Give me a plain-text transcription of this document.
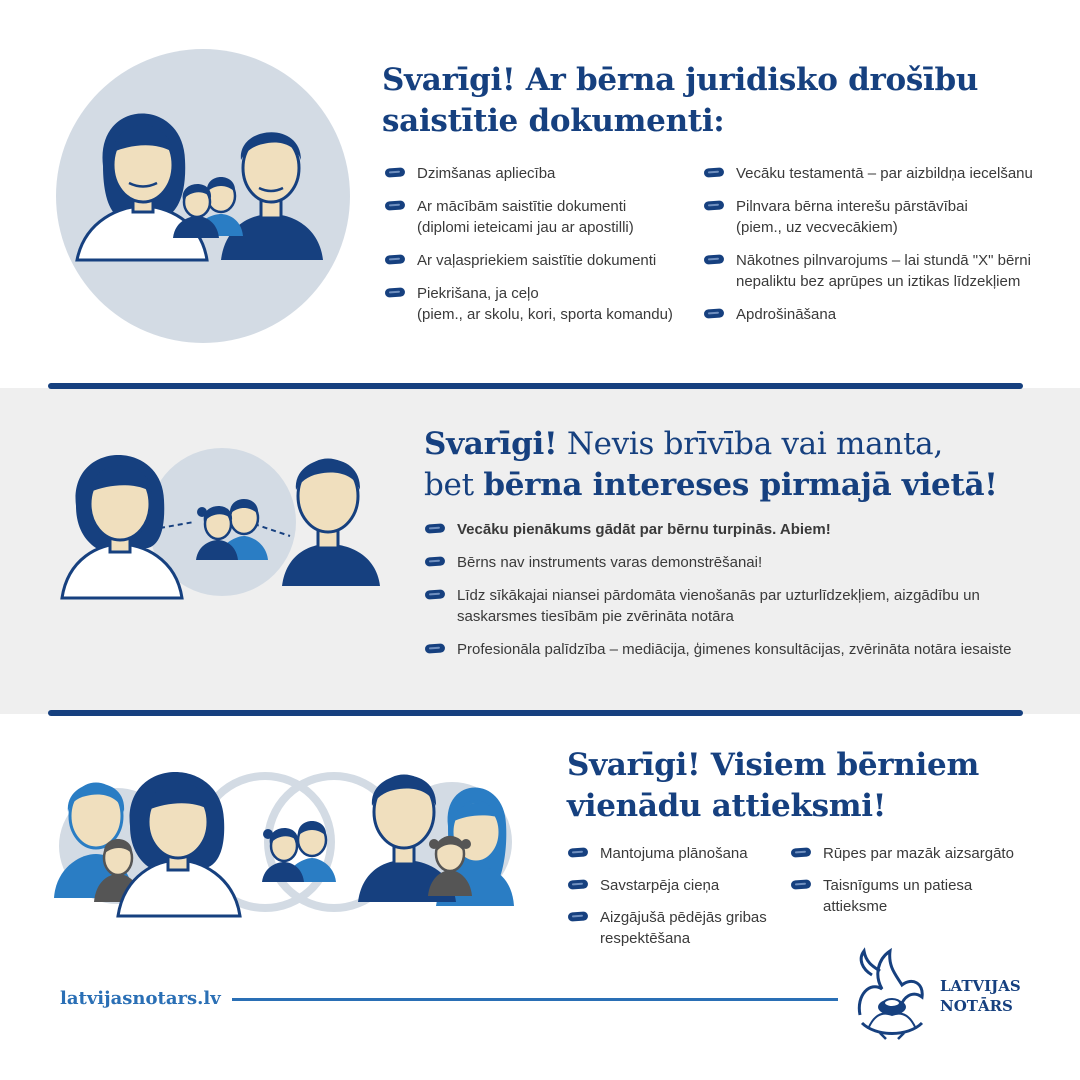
Svarīgi! Ar bērna juridisko drošību
saistītie dokumenti:
Dzimšanas apliecība
Ar mācībām saistītie dokumenti
(diplomi ieteicami jau ar apostilli)
Ar vaļaspriekiem saistītie dokumenti
Piekrišana, ja ceļo
(piem., ar skolu, kori, sporta komandu)
Vecāku testamentā – par aizbildņa iecelšanu
Pilnvara bērna interešu pārstāvībai
(piem., uz vecvecākiem)
Nākotnes pilnvarojums – lai stundā "X" bērni
nepaliktu bez aprūpes un iztikas līdzekļiem
Apdrošināšana
Svarīgi! Nevis brīvība vai manta,
bet bērna intereses pirmajā vietā!
Vecāku pienākums gādāt par bērnu turpinās. Abiem!
Bērns nav instruments varas demonstrēšanai!
Līdz sīkākajai niansei pārdomāta vienošanās par uzturlīdzekļiem, aizgādību un
saskarsmes tiesībām pie zvērināta notāra
Profesionāla palīdzība – mediācija, ģimenes konsultācijas, zvērināta notāra iesaiste
Svarīgi! Visiem bērniem
vienādu attieksmi!
Mantojuma plānošana
Savstarpēja cieņa
Aizgājušā pēdējās gribas
respektēšana
Rūpes par mazāk aizsargāto
Taisnīgums un patiesa
attieksme
latvijasnotars.lv
LATVIJAS
NOTĀRS
